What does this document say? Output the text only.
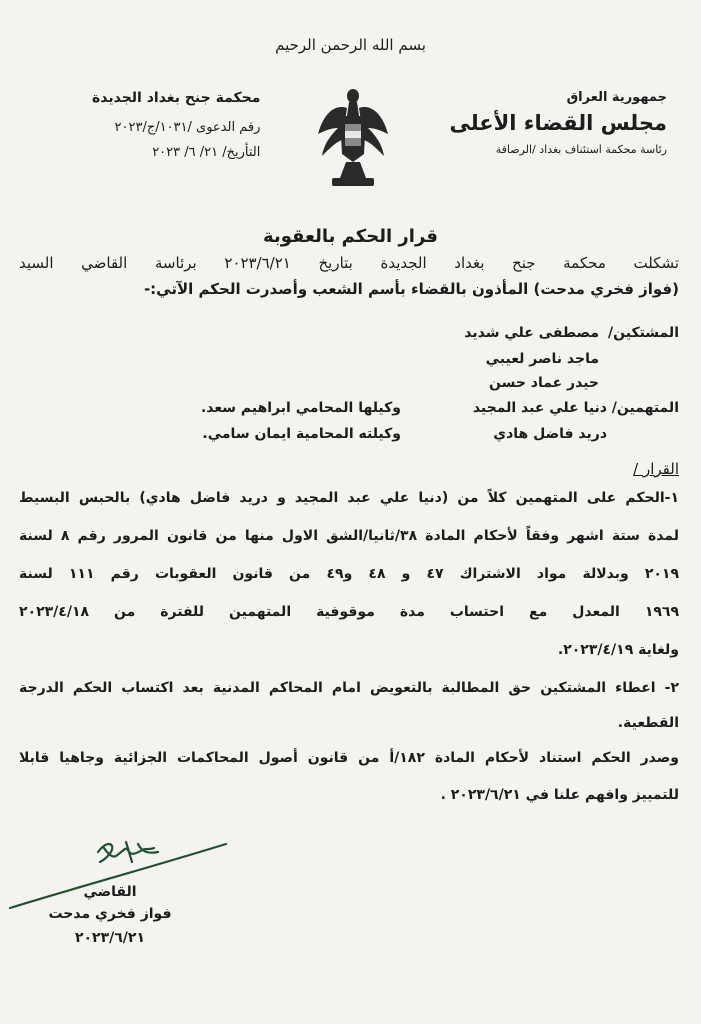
بسم الله الرحمن الرحيم
جمهورية العراق
مجلس القضاء الأعلى
رئاسة محكمة استئناف بغداد /الرصافة
محكمة جنح بغداد الجديدة
رقم الدعوى /١٠٣١/ج/٢٠٢٣
التأريخ/ ٢١/ ٦/ ٢٠٢٣
قرار الحكم بالعقوبة
تشكلت محكمة جنح بغداد الجديدة بتاريخ ٢٠٢٣/٦/٢١ برئاسة القاضي السيد
(فواز فخري مدحت) المأذون بالقضاء بأسم الشعب وأصدرت الحكم الآتي:-
المشتكين/
مصطفى علي شديد
ماجد ناصر لعيبي
حيدر عماد حسن
المتهمين/
دنيا علي عبد المجيد
وكيلها المحامي ابراهيم سعد.
دريد فاضل هادي
وكيلته المحامية ايمان سامي.
القرار /
١-الحكم على المتهمين كلاً من (دنيا علي عبد المجيد و دريد فاضل هادي) بالحبس البسيط
لمدة ستة اشهر وفقاً لأحكام المادة ٣٨/ثانيا/الشق الاول منها من قانون المرور رقم ٨ لسنة
٢٠١٩ وبدلالة مواد الاشتراك ٤٧ و ٤٨ و٤٩ من قانون العقوبات رقم ١١١ لسنة
١٩٦٩ المعدل مع احتساب مدة موقوفية المتهمين للفترة من ٢٠٢٣/٤/١٨
ولغاية ٢٠٢٣/٤/١٩.
٢- اعطاء المشتكين حق المطالبة بالتعويض امام المحاكم المدنية بعد اكتساب الحكم الدرجة
القطعية.
وصدر الحكم استناد لأحكام المادة ١٨٢/أ من قانون أصول المحاكمات الجزائية وجاهيا قابلا
للتمييز وافهم علنا في ٢٠٢٣/٦/٢١ .
القاضي
فواز فخري مدحت
٢٠٢٣/٦/٢١
